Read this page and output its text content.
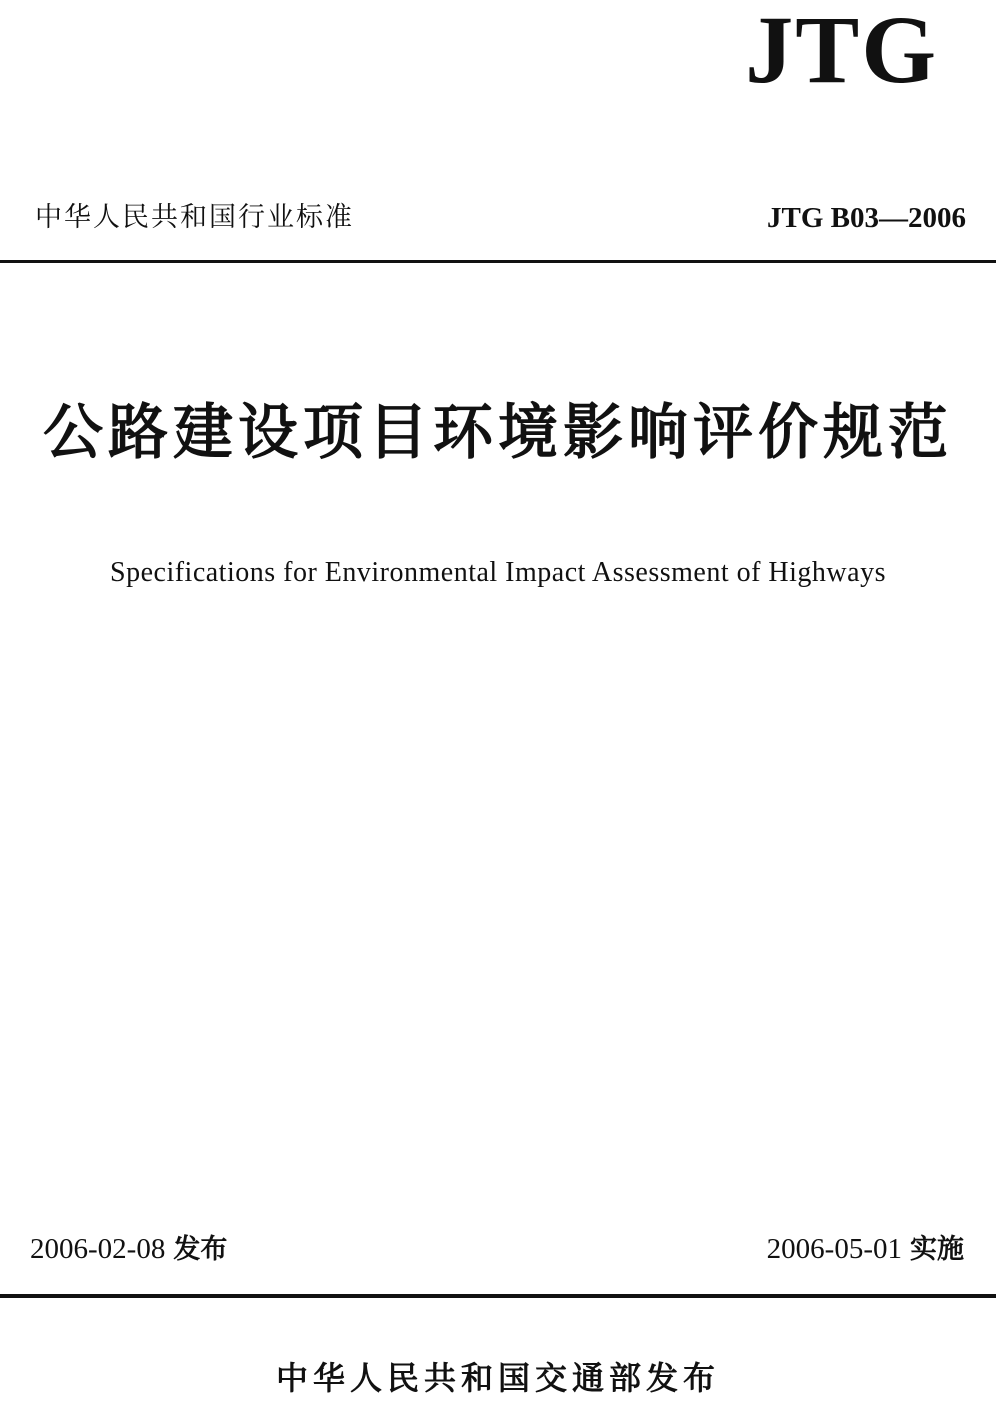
JTG
中华人民共和国行业标准	JTG B03—2006
公路建设项目环境影响评价规范
Specifications for Environmental Impact Assessment of Highways
2006-02-08 发布	2006-05-01 实施
中华人民共和国交通部发布
